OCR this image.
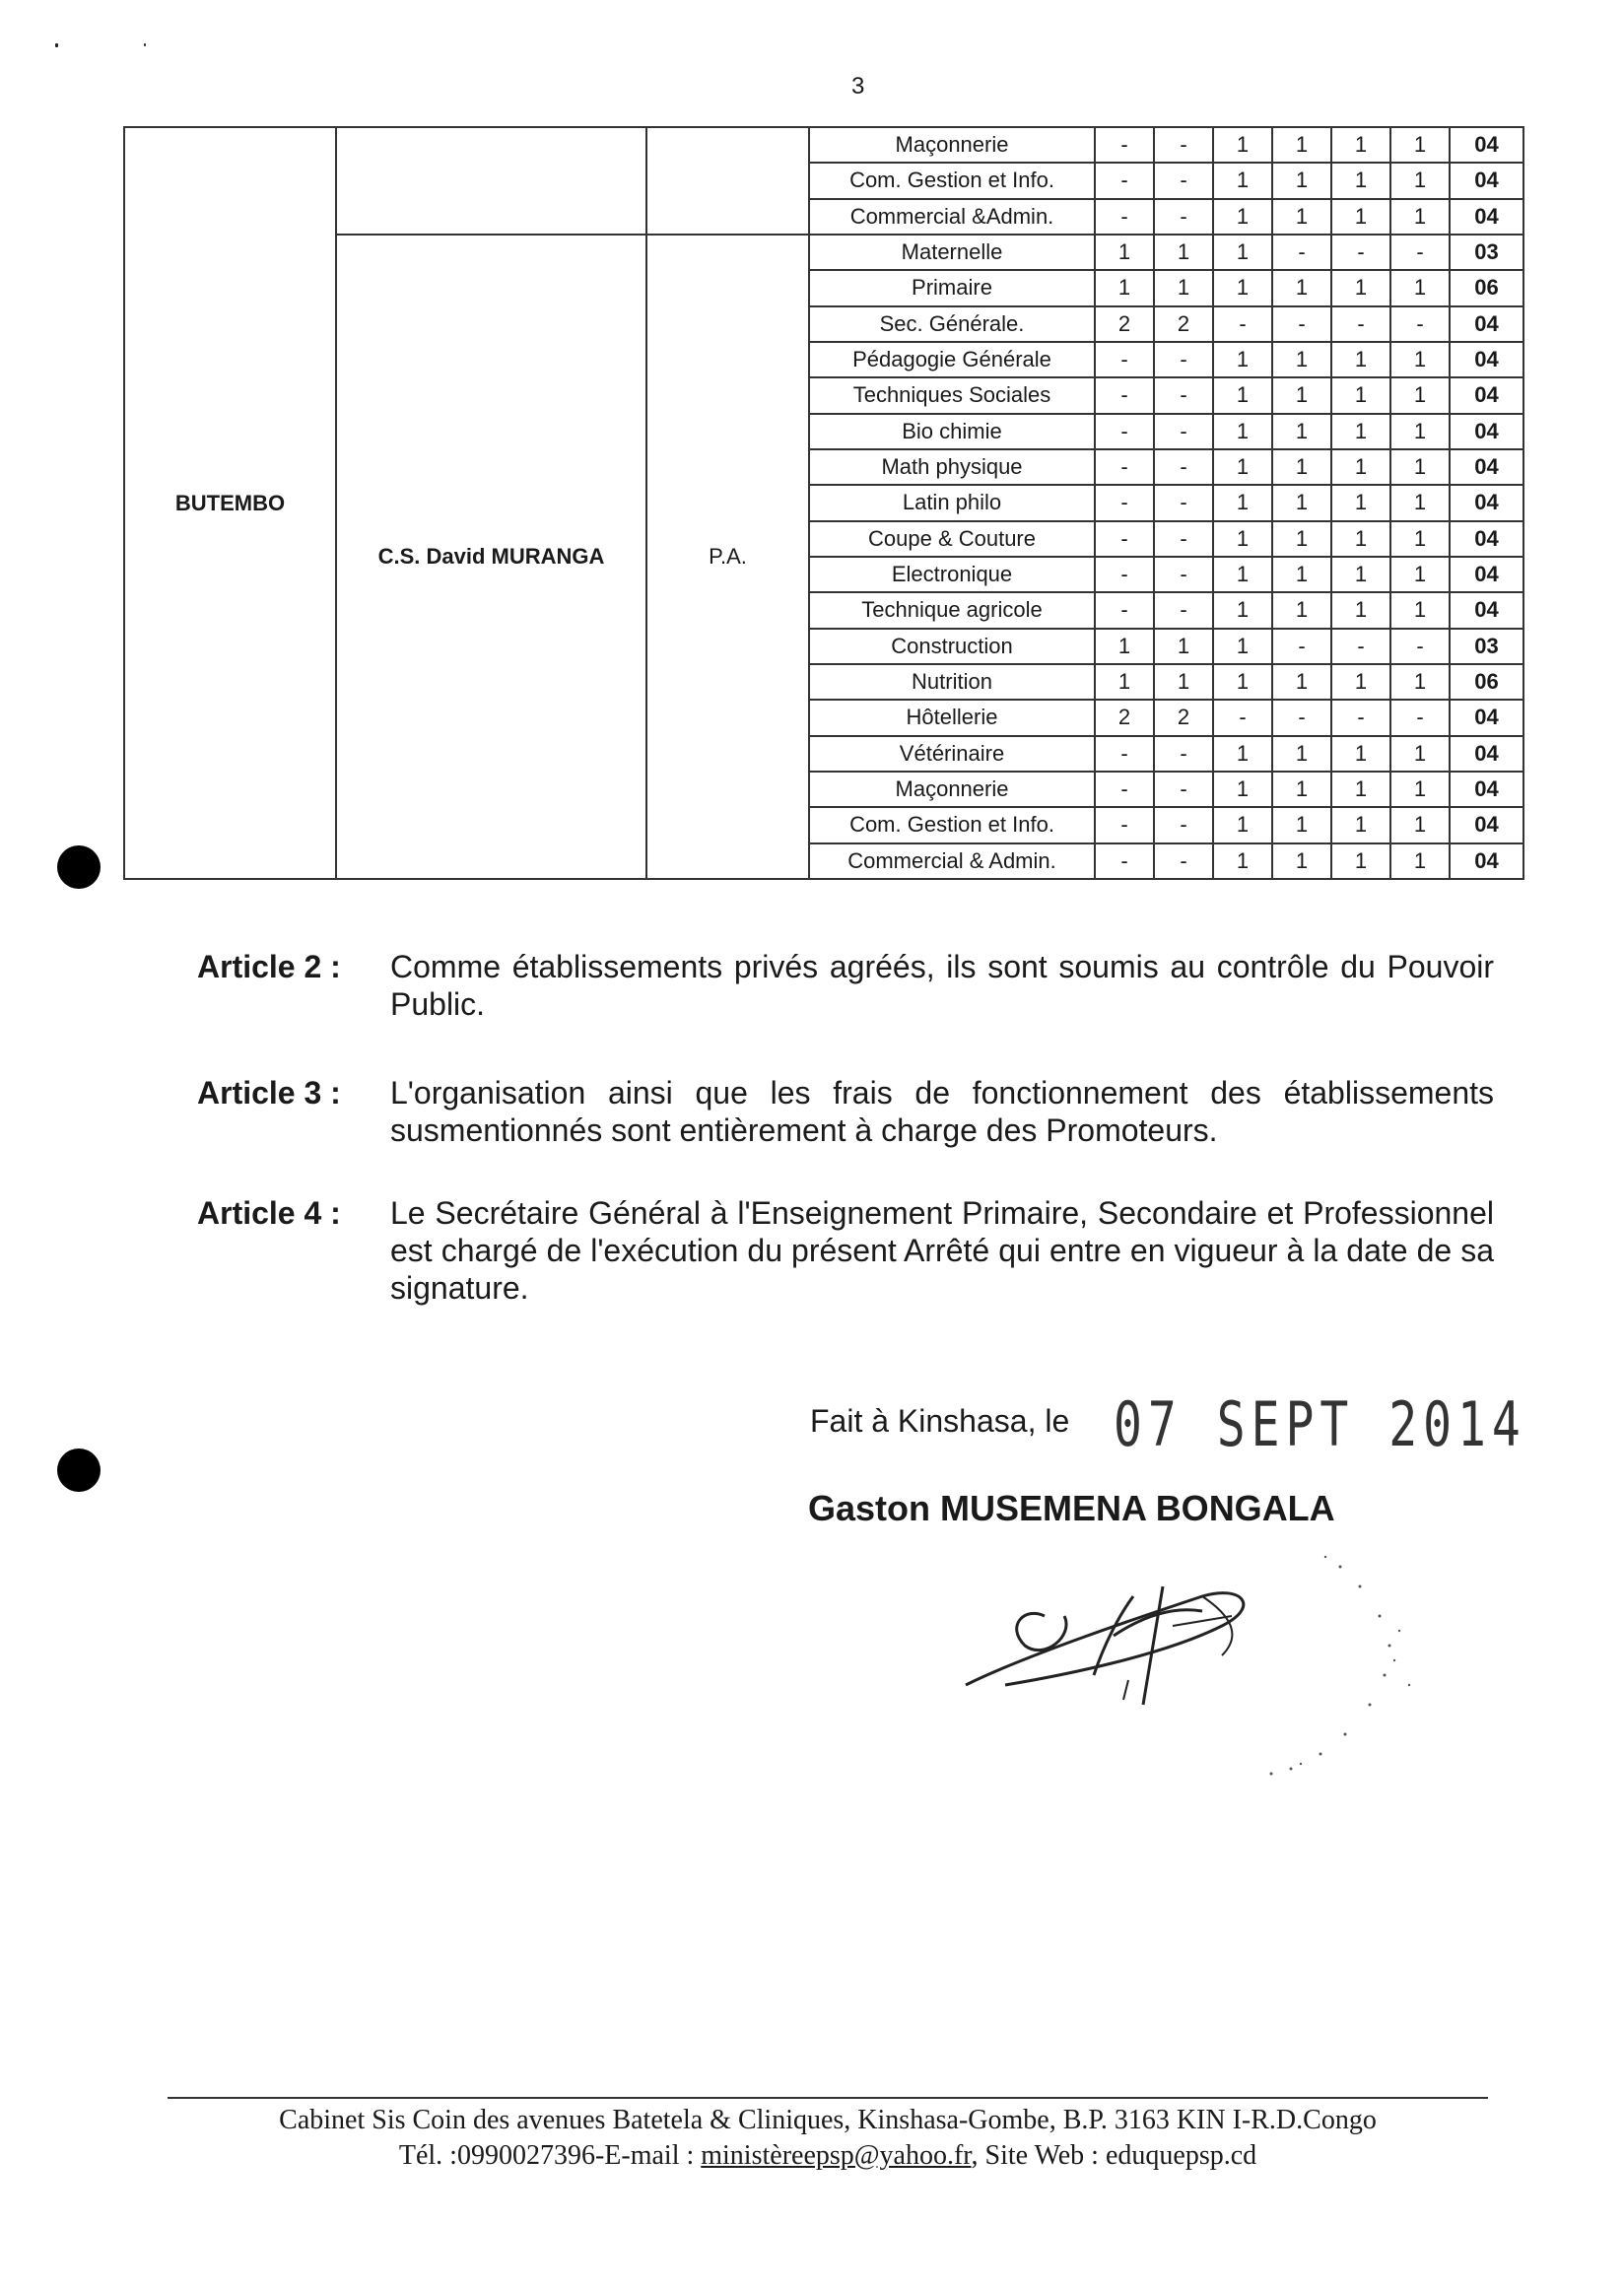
3
BUTEMBO			Maçonnerie	-	-	1	1	1	1	04
			Com. Gestion et Info.	-	-	1	1	1	1	04
			Commercial &Admin.	-	-	1	1	1	1	04
	C.S. David MURANGA	P.A.	Maternelle	1	1	1	-	-	-	03
			Primaire	1	1	1	1	1	1	06
			Sec. Générale.	2	2	-	-	-	-	04
			Pédagogie Générale	-	-	1	1	1	1	04
			Techniques Sociales	-	-	1	1	1	1	04
			Bio chimie	-	-	1	1	1	1	04
			Math physique	-	-	1	1	1	1	04
			Latin philo	-	-	1	1	1	1	04
			Coupe & Couture	-	-	1	1	1	1	04
			Electronique	-	-	1	1	1	1	04
			Technique agricole	-	-	1	1	1	1	04
			Construction	1	1	1	-	-	-	03
			Nutrition	1	1	1	1	1	1	06
			Hôtellerie	2	2	-	-	-	-	04
			Vétérinaire	-	-	1	1	1	1	04
			Maçonnerie	-	-	1	1	1	1	04
			Com. Gestion et Info.	-	-	1	1	1	1	04
			Commercial & Admin.	-	-	1	1	1	1	04
Article 2 :	Comme établissements privés agréés, ils sont soumis au contrôle du Pouvoir Public.
Article 3 :	L'organisation ainsi que les frais de fonctionnement des établissements susmentionnés sont entièrement à charge des Promoteurs.
Article 4 :	Le Secrétaire Général à l'Enseignement Primaire, Secondaire et Professionnel est chargé de l'exécution du présent Arrêté qui entre en vigueur à la date de sa signature.
Fait à Kinshasa, le 07 SEPT 2014
Gaston MUSEMENA BONGALA
Cabinet Sis Coin des avenues Batetela & Cliniques, Kinshasa-Gombe, B.P. 3163 KIN I-R.D.Congo
Tél. :0990027396-E-mail : ministèreepsp@yahoo.fr, Site Web : eduquepsp.cd
